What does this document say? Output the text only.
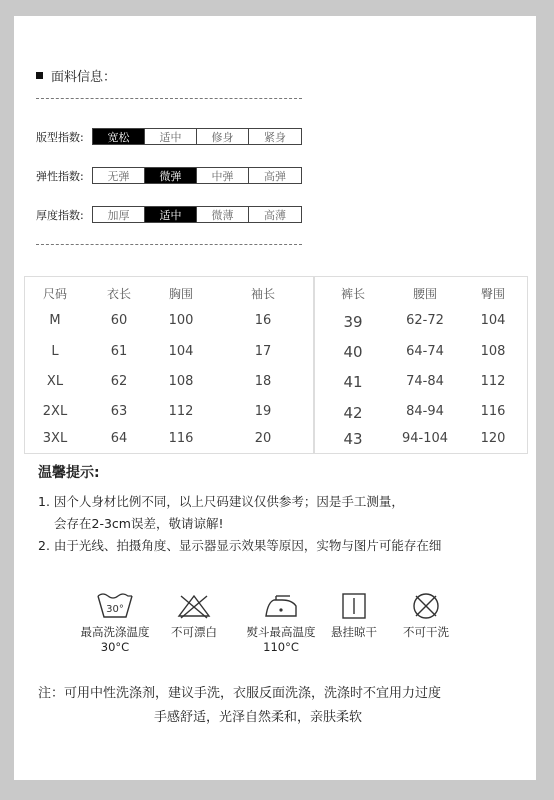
面料信息：
版型指数:	宽松	适中	修身	紧身
弹性指数:	无弹	微弹	中弹	高弹
厚度指数:	加厚	适中	微薄	高薄
尺码	衣长	胸围	袖长
M	60	100	16
L	61	104	17
XL	62	108	18
2XL	63	112	19
3XL	64	116	20
裤长	腰围	臀围
39	62-72	104
40	64-74	108
41	74-84	112
42	84-94	116
43	94-104	120
温馨提示:
1. 因个人身材比例不同，以上尺码建议仅供参考；因是手工测量，
会存在2-3cm误差，敬请谅解!
2. 由于光线、拍摄角度、显示器显示效果等原因，实物与图片可能存在细
30°
最高洗涤温度
30°C
不可漂白	熨斗最高温度
110°C
悬挂晾干	不可干洗
注：可用中性洗涤剂，建议手洗，衣服反面洗涤，洗涤时不宜用力过度
手感舒适，光泽自然柔和，亲肤柔软
